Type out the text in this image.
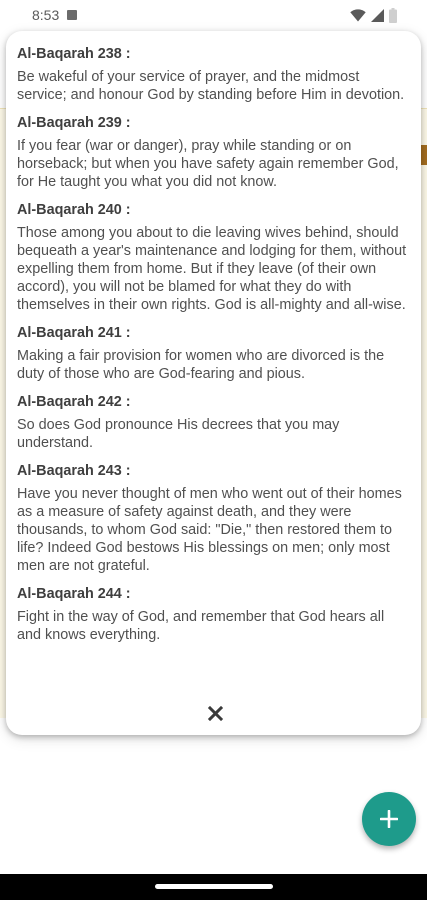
8:53
Al-Baqarah 238 :
Be wakeful of your service of prayer, and the midmost service; and honour God by standing before Him in devotion.
Al-Baqarah 239 :
If you fear (war or danger), pray while standing or on horseback; but when you have safety again remember God, for He taught you what you did not know.
Al-Baqarah 240 :
Those among you about to die leaving wives behind, should bequeath a year's maintenance and lodging for them, without expelling them from home. But if they leave (of their own accord), you will not be blamed for what they do with themselves in their own rights. God is all-mighty and all-wise.
Al-Baqarah 241 :
Making a fair provision for women who are divorced is the duty of those who are God-fearing and pious.
Al-Baqarah 242 :
So does God pronounce His decrees that you may understand.
Al-Baqarah 243 :
Have you never thought of men who went out of their homes as a measure of safety against death, and they were thousands, to whom God said: "Die," then restored them to life? Indeed God bestows His blessings on men; only most men are not grateful.
Al-Baqarah 244 :
Fight in the way of God, and remember that God hears all and knows everything.
